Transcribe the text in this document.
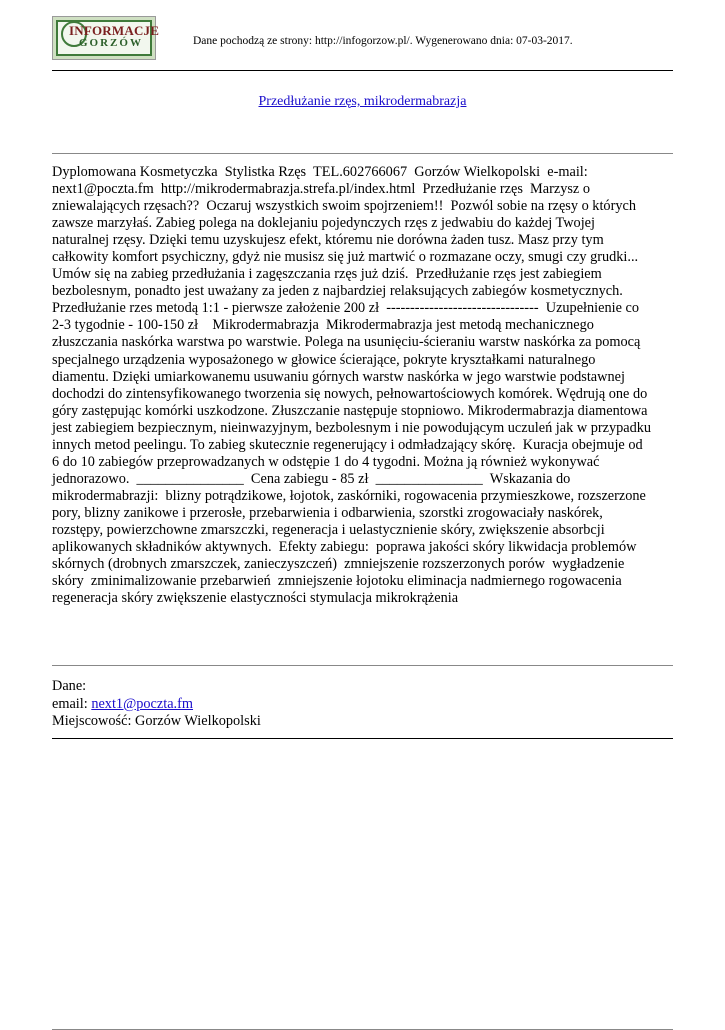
INFORMACJE
GORZÓW	Dane pochodzą ze strony: http://infogorzow.pl/. Wygenerowano dnia: 07-03-2017.
Przedłużanie rzęs, mikrodermabrazja

Dyplomowana Kosmetyczka  Stylistka Rzęs  TEL.602766067  Gorzów Wielkopolski  e-mail:

next1@poczta.fm  http://mikrodermabrazja.strefa.pl/index.html  Przedłużanie rzęs  Marzysz o

zniewalających rzęsach??  Oczaruj wszystkich swoim spojrzeniem!!  Pozwól sobie na rzęsy o których

zawsze marzyłaś. Zabieg polega na doklejaniu pojedynczych rzęs z jedwabiu do każdej Twojej

naturalnej rzęsy. Dzięki temu uzyskujesz efekt, któremu nie dorówna żaden tusz. Masz przy tym

całkowity komfort psychiczny, gdyż nie musisz się już martwić o rozmazane oczy, smugi czy grudki...

Umów się na zabieg przedłużania i zagęszczania rzęs już dziś.  Przedłużanie rzęs jest zabiegiem

bezbolesnym, ponadto jest uważany za jeden z najbardziej relaksujących zabiegów kosmetycznych.

Przedłużanie rzes metodą 1:1 - pierwsze założenie 200 zł  --------------------------------  Uzupełnienie co

2-3 tygodnie - 100-150 zł    Mikrodermabrazja  Mikrodermabrazja jest metodą mechanicznego

złuszczania naskórka warstwa po warstwie. Polega na usunięciu-ścieraniu warstw naskórka za pomocą

specjalnego urządzenia wyposażonego w głowice ścierające, pokryte kryształkami naturalnego

diamentu. Dzięki umiarkowanemu usuwaniu górnych warstw naskórka w jego warstwie podstawnej

dochodzi do zintensyfikowanego tworzenia się nowych, pełnowartościowych komórek. Wędrują one do

góry zastępując komórki uszkodzone. Złuszczanie następuje stopniowo. Mikrodermabrazja diamentowa

jest zabiegiem bezpiecznym, nieinwazyjnym, bezbolesnym i nie powodującym uczuleń jak w przypadku

innych metod peelingu. To zabieg skutecznie regenerujący i odmładzający skórę.  Kuracja obejmuje od

6 do 10 zabiegów przeprowadzanych w odstępie 1 do 4 tygodni. Można ją również wykonywać

jednorazowo.  _______________  Cena zabiegu - 85 zł  _______________  Wskazania do

mikrodermabrazji:  blizny potrądzikowe, łojotok, zaskórniki, rogowacenia przymieszkowe, rozszerzone

pory, blizny zanikowe i przerosłe, przebarwienia i odbarwienia, szorstki zrogowaciały naskórek,

rozstępy, powierzchowne zmarszczki, regeneracja i uelastycznienie skóry, zwiększenie absorbcji

aplikowanych składników aktywnych.  Efekty zabiegu:  poprawa jakości skóry likwidacja problemów

skórnych (drobnych zmarszczek, zanieczyszczeń)  zmniejszenie rozszerzonych porów  wygładzenie

skóry  zminimalizowanie przebarwień  zmniejszenie łojotoku eliminacja nadmiernego rogowacenia

regeneracja skóry zwiększenie elastyczności stymulacja mikrokrążenia

Dane:
email: next1@poczta.fm
Miejscowość: Gorzów Wielkopolski
